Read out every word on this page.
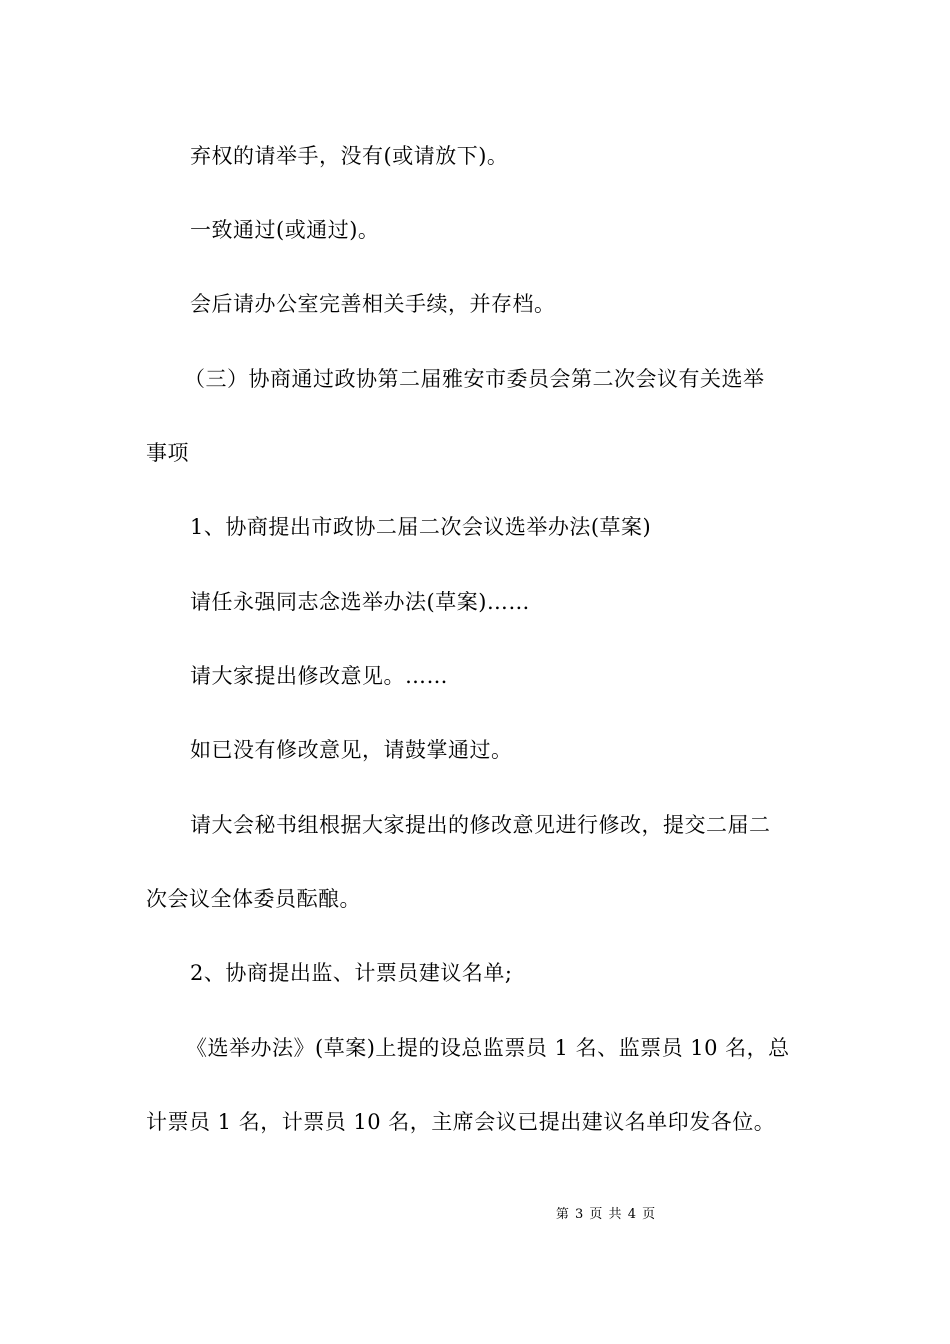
弃权的请举手，没有(或请放下)。
一致通过(或通过)。
会后请办公室完善相关手续，并存档。
（三）协商通过政协第二届雅安市委员会第二次会议有关选举
事项
1、协商提出市政协二届二次会议选举办法(草案)
请任永强同志念选举办法(草案)……
请大家提出修改意见。……
如已没有修改意见，请鼓掌通过。
请大会秘书组根据大家提出的修改意见进行修改，提交二届二
次会议全体委员酝酿。
2、协商提出监、计票员建议名单;
《选举办法》(草案)上提的设总监票员 1 名、监票员 10 名，总
计票员 1 名，计票员 10 名，主席会议已提出建议名单印发各位。
第 3 页 共 4 页
